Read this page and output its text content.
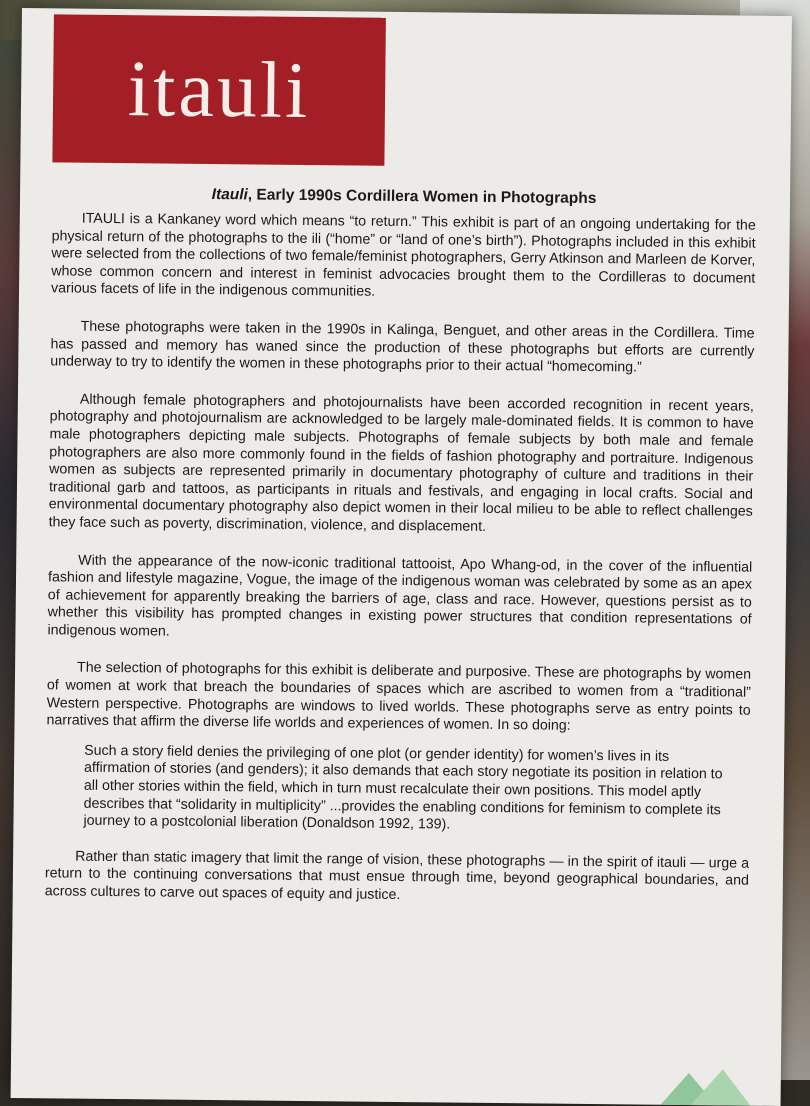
itauli
Itauli, Early 1990s Cordillera Women in Photographs

ITAULI is a Kankaney word which means “to return.” This exhibit is part of an ongoing undertaking for the physical return of the photographs to the ili (“home” or “land of one’s birth”). Photographs included in this exhibit were selected from the collections of two female/feminist photographers, Gerry Atkinson and Marleen de Korver, whose common concern and interest in feminist advocacies brought them to the Cordilleras to document various facets of life in the indigenous communities.

These photographs were taken in the 1990s in Kalinga, Benguet, and other areas in the Cordillera. Time has passed and memory has waned since the production of these photographs but efforts are currently underway to try to identify the women in these photographs prior to their actual “homecoming.”

Although female photographers and photojournalists have been accorded recognition in recent years, photography and photojournalism are acknowledged to be largely male-dominated fields. It is common to have male photographers depicting male subjects. Photographs of female subjects by both male and female photographers are also more commonly found in the fields of fashion photography and portraiture. Indigenous women as subjects are represented primarily in documentary photography of culture and traditions in their traditional garb and tattoos, as participants in rituals and festivals, and engaging in local crafts. Social and environmental documentary photography also depict women in their local milieu to be able to reflect challenges they face such as poverty, discrimination, violence, and displacement.

With the appearance of the now-iconic traditional tattooist, Apo Whang-od, in the cover of the influential fashion and lifestyle magazine, Vogue, the image of the indigenous woman was celebrated by some as an apex of achievement for apparently breaking the barriers of age, class and race. However, questions persist as to whether this visibility has prompted changes in existing power structures that condition representations of indigenous women.

The selection of photographs for this exhibit is deliberate and purposive. These are photographs by women of women at work that breach the boundaries of spaces which are ascribed to women from a “traditional” Western perspective. Photographs are windows to lived worlds. These photographs serve as entry points to narratives that affirm the diverse life worlds and experiences of women. In so doing:

Such a story field denies the privileging of one plot (or gender identity) for women’s lives in its affirmation of stories (and genders); it also demands that each story negotiate its position in relation to all other stories within the field, which in turn must recalculate their own positions. This model aptly describes that “solidarity in multiplicity” ...provides the enabling conditions for feminism to complete its journey to a postcolonial liberation (Donaldson 1992, 139).

Rather than static imagery that limit the range of vision, these photographs — in the spirit of itauli — urge a return to the continuing conversations that must ensue through time, beyond geographical boundaries, and across cultures to carve out spaces of equity and justice.
